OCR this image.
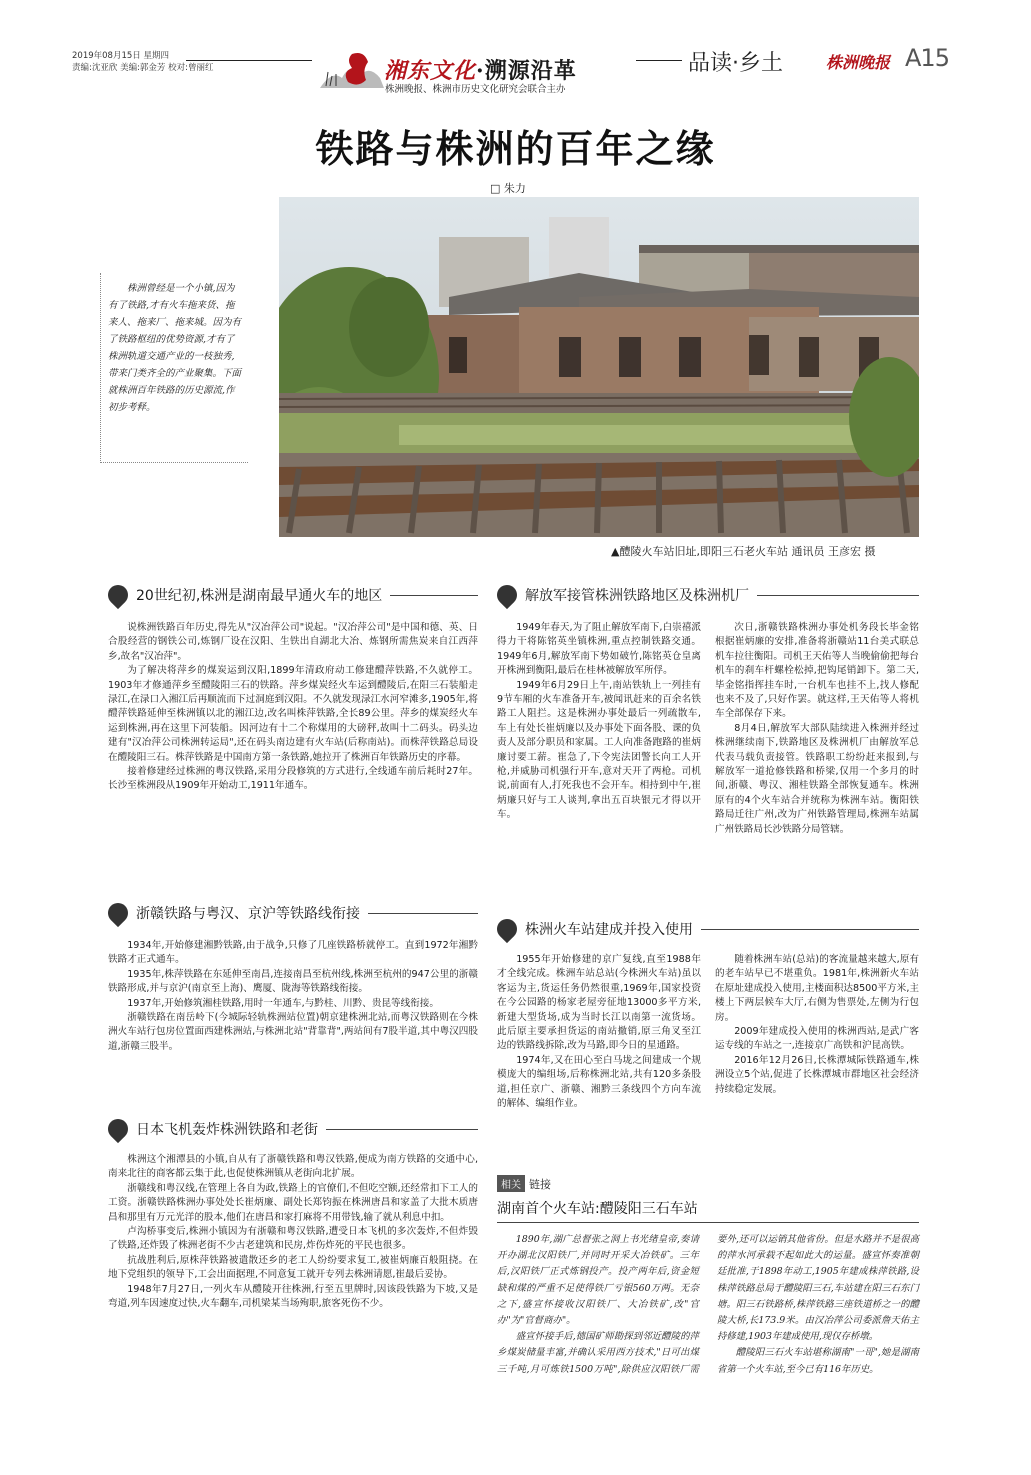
2019年08月15日 星期四
责编:沈亚欣 美编:郭金芳 校对:曾丽红	湘东文化·溯源沿革
株洲晚报、株洲市历史文化研究会联合主办
品读·乡土	株洲晚报 A15
铁路与株洲的百年之缘
□ 朱力
▲醴陵火车站旧址,即阳三石老火车站 通讯员 王彦宏 摄
株洲曾经是一个小镇,因为有了铁路,才有火车拖来货、拖来人、拖来厂、拖来城。因为有了铁路枢纽的优势资源,才有了株洲轨道交通产业的一枝独秀,带来门类齐全的产业聚集。下面就株洲百年铁路的历史源流,作初步考释。
20世纪初,株洲是湖南最早通火车的地区

说株洲铁路百年历史,得先从"汉冶萍公司"说起。"汉冶萍公司"是中国和德、英、日合股经营的钢铁公司,炼钢厂设在汉阳、生铁出自湖北大冶、炼钢所需焦炭来自江西萍乡,故名"汉冶萍"。

为了解决将萍乡的煤炭运到汉阳,1899年清政府动工修建醴萍铁路,不久就停工。1903年才修通萍乡至醴陵阳三石的铁路。萍乡煤炭经火车运到醴陵后,在阳三石装船走渌江,在渌口入湘江后再顺流而下过洞庭到汉阳。不久就发现渌江水河窄滩多,1905年,将醴萍铁路延伸至株洲镇以北的湘江边,改名叫株萍铁路,全长89公里。萍乡的煤炭经火车运到株洲,再在这里下河装船。因河边有十二个称煤用的大磅秤,故叫十二码头。码头边建有"汉冶萍公司株洲转运局",还在码头南边建有火车站(后称南站)。而株萍铁路总局设在醴陵阳三石。株萍铁路是中国南方第一条铁路,她拉开了株洲百年铁路历史的序幕。

接着修建经过株洲的粤汉铁路,采用分段修筑的方式进行,全线通车前后耗时27年。长沙至株洲段从1909年开始动工,1911年通车。

浙赣铁路与粤汉、京沪等铁路线衔接

1934年,开始修建湘黔铁路,由于战争,只修了几座铁路桥就停工。直到1972年湘黔铁路才正式通车。

1935年,株萍铁路在东延伸至南昌,连接南昌至杭州线,株洲至杭州的947公里的浙赣铁路形成,并与京沪(南京至上海)、鹰厦、陇海等铁路线衔接。

1937年,开始修筑湘桂铁路,用时一年通车,与黔桂、川黔、贵昆等线衔接。

浙赣铁路在南岳岭下(今城际轻轨株洲站位置)朝京建株洲北站,而粤汉铁路则在今株洲火车站行包房位置面西建株洲站,与株洲北站"背靠背",两站间有7股半道,其中粤汉四股道,浙赣三股半。

日本飞机轰炸株洲铁路和老街

株洲这个湘潭县的小镇,自从有了浙赣铁路和粤汉铁路,便成为南方铁路的交通中心,南来北往的商客都云集于此,也促使株洲镇从老街向北扩展。

浙赣线和粤汉线,在管理上各自为政,铁路上的官僚们,不但吃空额,还经常扣下工人的工资。浙赣铁路株洲办事处处长崔炳廉、副处长郑钧振在株洲唐昌和家盖了大批木质唐昌和那里有万元光洋的股本,他们在唐昌和家打麻将不用带钱,输了就从利息中扣。

卢沟桥事变后,株洲小镇因为有浙赣和粤汉铁路,遭受日本飞机的多次轰炸,不但炸毁了铁路,还炸毁了株洲老街不少古老建筑和民房,炸伤炸死的平民也很多。

抗战胜利后,原株萍铁路被遣散还乡的老工人纷纷要求复工,被崔炳廉百般阻挠。在地下党组织的领导下,工会出面据理,不同意复工就开专列去株洲请愿,崔最后妥协。

1948年7月27日,一列火车从醴陵开往株洲,行至五里牌时,因该段铁路为下坡,又是弯道,列车因速度过快,火车翻车,司机梁某当场殉职,旅客死伤不少。

解放军接管株洲铁路地区及株洲机厂

1949年春天,为了阻止解放军南下,白崇禧派得力干将陈铭英坐镇株洲,重点控制铁路交通。1949年6月,解放军南下势如破竹,陈铭英仓皇离开株洲到衡阳,最后在桂林被解放军所俘。

1949年6月29日上午,南站铁轨上一列挂有9节车厢的火车准备开车,被闻讯赶来的百余名铁路工人阻拦。这是株洲办事处最后一列疏散车,车上有处长崔炳廉以及办事处下面各股、课的负责人及部分职员和家属。工人向准备跑路的崔炳廉讨要工薪。崔急了,下令宪法团警长向工人开枪,并威胁司机强行开车,意对天开了两枪。司机说,前面有人,打死我也不会开车。相持到中午,崔炳廉只好与工人谈判,拿出五百块银元才得以开车。

次日,浙赣铁路株洲办事处机务段长毕金铭根据崔炳廉的安排,准备将浙赣站11台美式联总机车拉往衡阳。司机王天佑等人当晚偷偷把每台机车的刹车杆螺栓松掉,把钩尾销卸下。第二天,毕金铭指挥挂车时,一台机车也挂不上,找人修配也来不及了,只好作罢。就这样,王天佑等人将机车全部保存下来。

8月4日,解放军大部队陆续进入株洲并经过株洲继续南下,铁路地区及株洲机厂由解放军总代表马载负责接管。铁路职工纷纷赶来报到,与解放军一道抢修铁路和桥梁,仅用一个多月的时间,浙赣、粤汉、湘桂铁路全部恢复通车。株洲原有的4个火车站合并统称为株洲车站。衡阳铁路局迁往广州,改为广州铁路管理局,株洲车站属广州铁路局长沙铁路分局管辖。

株洲火车站建成并投入使用

1955年开始修建的京广复线,直至1988年才全线完成。株洲车站总站(今株洲火车站)虽以客运为主,货运任务仍然很重,1969年,国家投资在今公园路的杨家老屋旁征地13000多平方米,新建大型货场,成为当时长江以南第一流货场。此后原主要承担货运的南站撤销,原三角叉至江边的铁路线拆除,改为马路,即今日的星通路。

1974年,又在田心至白马垅之间建成一个规模庞大的编组场,后称株洲北站,共有120多条股道,担任京广、浙赣、湘黔三条线四个方向车流的解体、编组作业。

随着株洲车站(总站)的客流量越来越大,原有的老车站早已不堪重负。1981年,株洲新火车站在原址建成投入使用,主楼面积达8500平方米,主楼上下两层候车大厅,右侧为售票处,左侧为行包房。

2009年建成投入使用的株洲西站,是武广客运专线的车站之一,连接京广高铁和沪昆高铁。

2016年12月26日,长株潭城际铁路通车,株洲设立5个站,促进了长株潭城市群地区社会经济持续稳定发展。

相关 链接
湖南首个火车站:醴陵阳三石车站

1890年,湖广总督张之洞上书光绪皇帝,奏请开办湖北汉阳铁厂,并同时开采大冶铁矿。三年后,汉阳铁厂正式炼钢投产。投产两年后,资金短缺和煤的严重不足使得铁厂亏银560万两。无奈之下,盛宣怀接收汉阳铁厂、大冶铁矿,改"官办"为"官督商办"。

盛宣怀接手后,德国矿师勘探到邻近醴陵的萍乡煤炭储量丰富,并确认采用西方技术,"日可出煤三千吨,月可炼铁1500万吨",除供应汉阳铁厂需要外,还可以运销其他省份。但是水路并不是很高的萍水河承载不起如此大的运量。盛宣怀奏准朝廷批准,于1898年动工,1905年建成株萍铁路,设株萍铁路总局于醴陵阳三石,车站建在阳三石东门塘。阳三石铁路桥,株萍铁路三座铁道桥之一的醴陵大桥,长173.9米。由汉冶萍公司委派詹天佑主持修建,1903年建成使用,现仅存桥墩。

醴陵阳三石火车站堪称湖南"一哥",她是湖南省第一个火车站,至今已有116年历史。
